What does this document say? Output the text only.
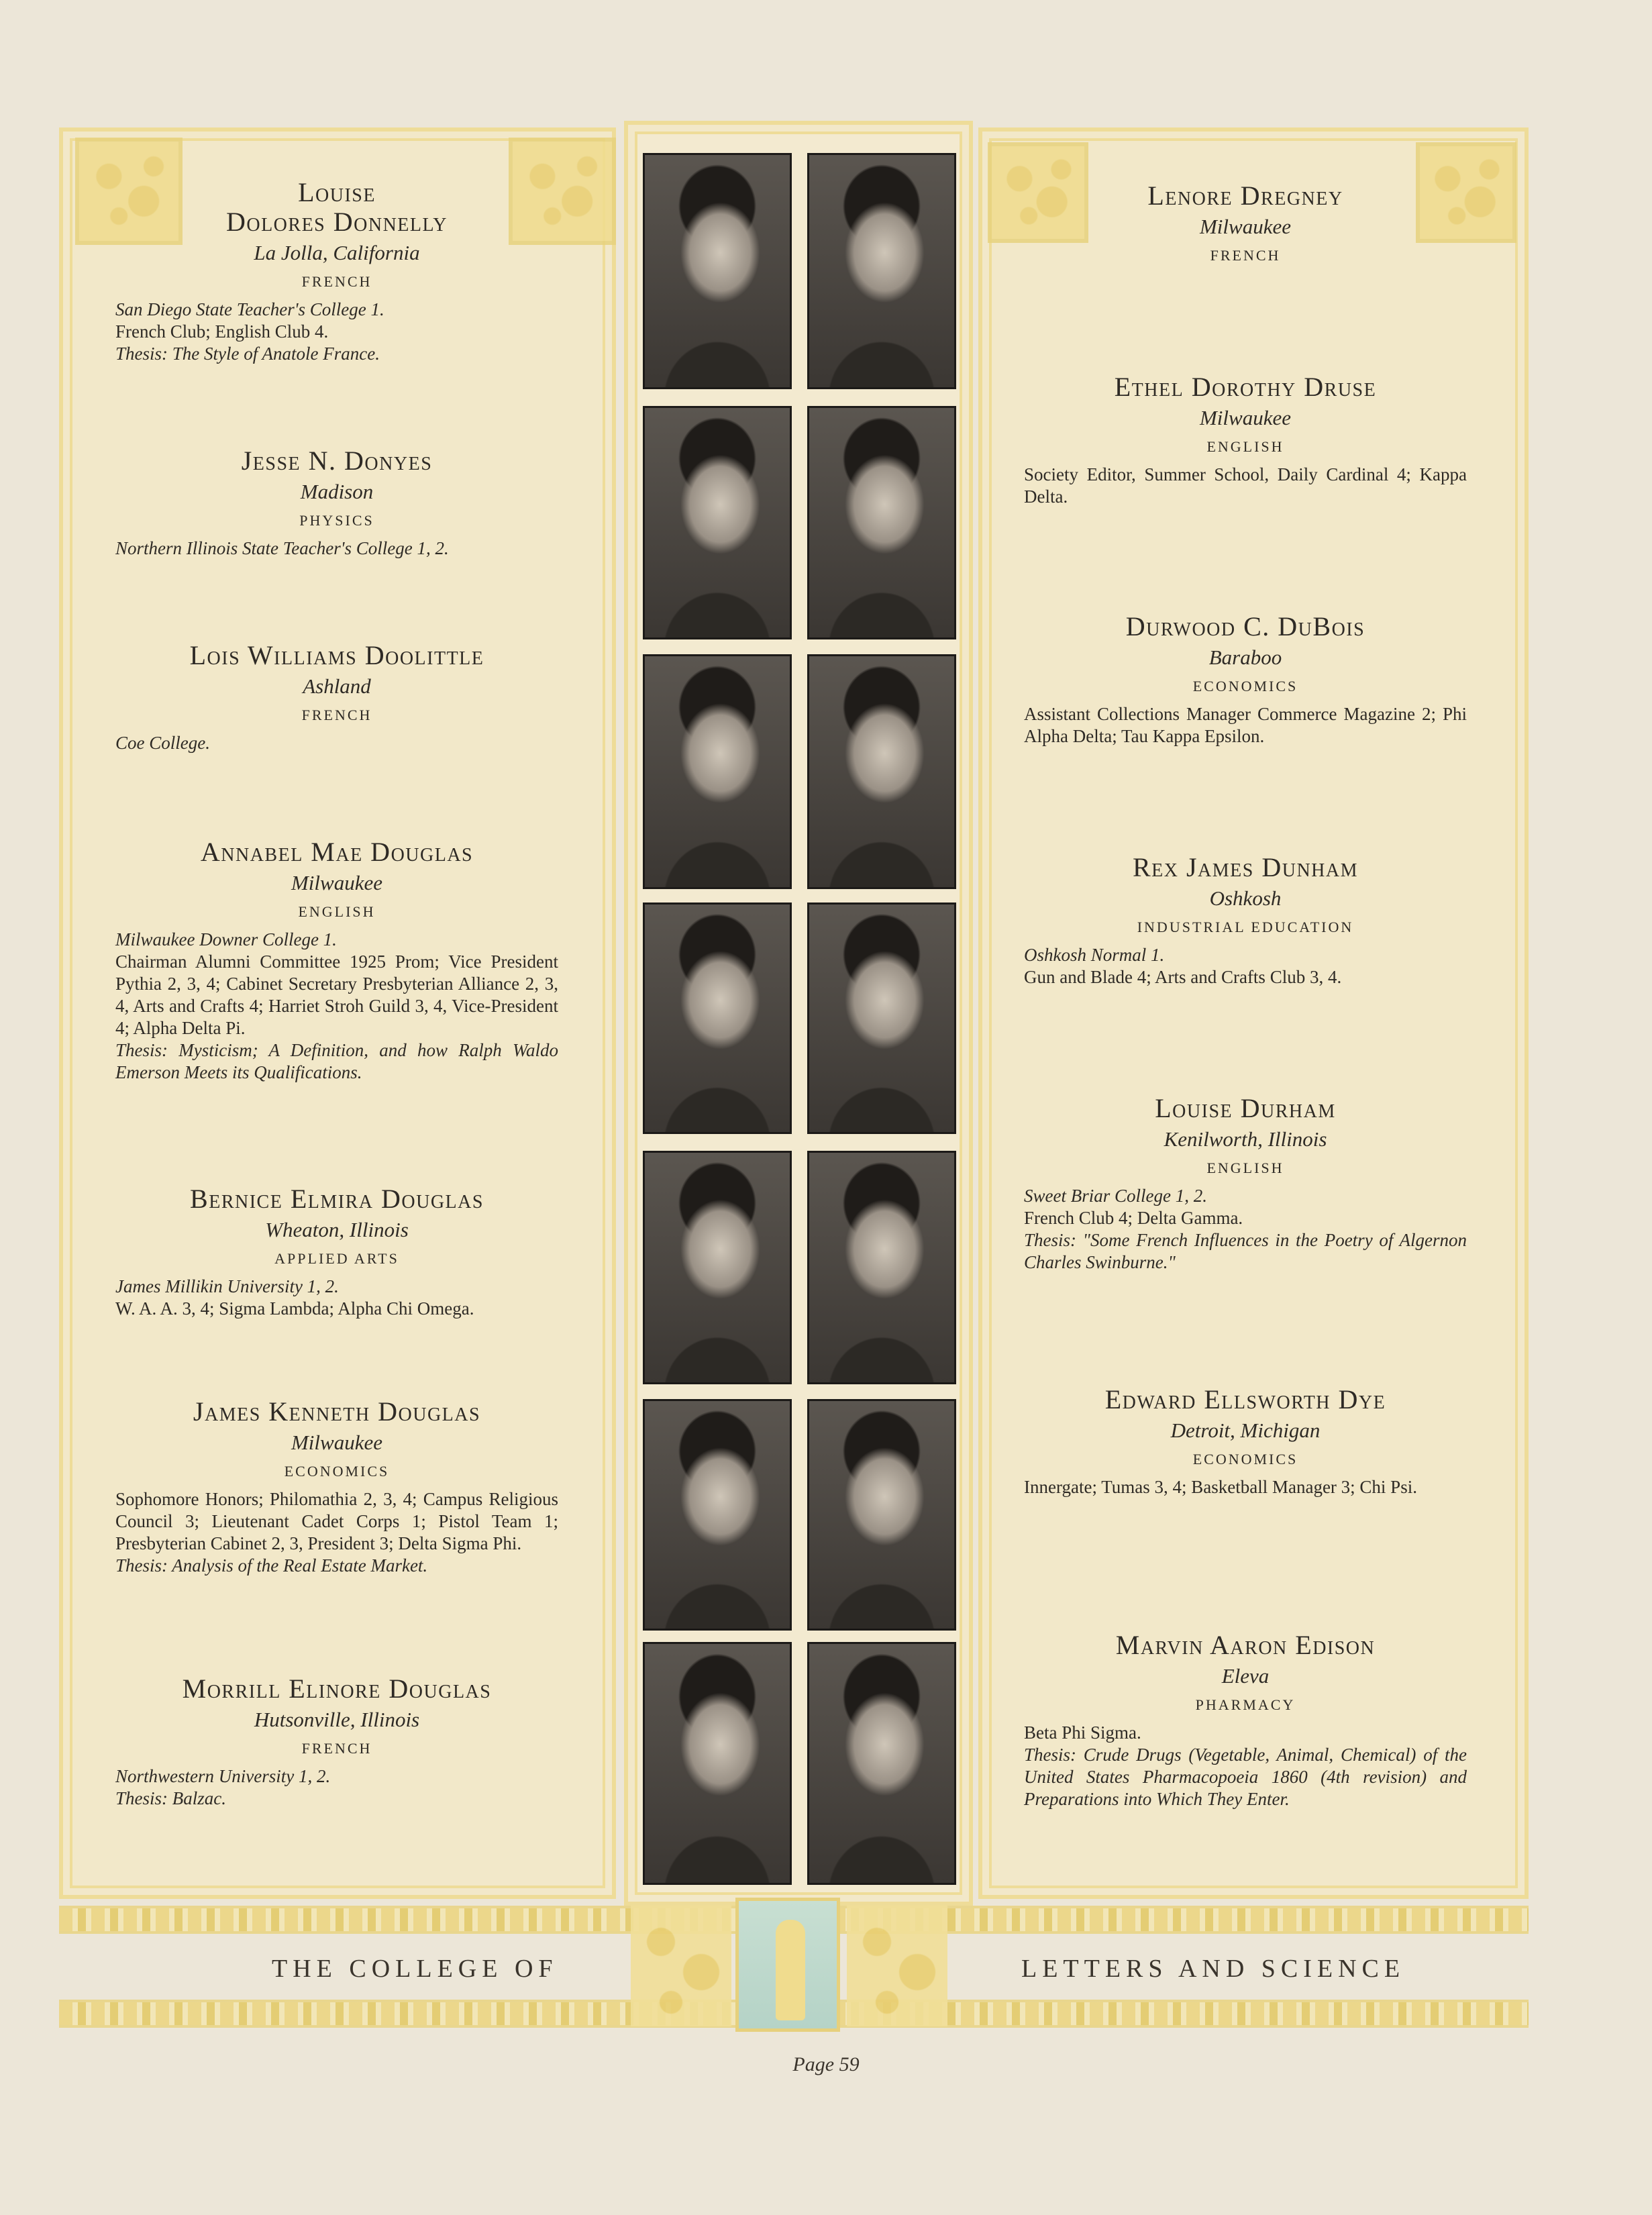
Louise
Dolores Donnelly
La Jolla, California
FRENCH
San Diego State Teacher's College 1.
French Club; English Club 4.
Thesis: The Style of Anatole France.
Jesse N. Donyes
Madison
PHYSICS
Northern Illinois State Teacher's College 1, 2.
Lois Williams Doolittle
Ashland
FRENCH
Coe College.
Annabel Mae Douglas
Milwaukee
ENGLISH
Milwaukee Downer College 1.
Chairman Alumni Committee 1925 Prom; Vice President Pythia 2, 3, 4; Cabinet Secretary Presbyterian Alliance 2, 3, 4, Arts and Crafts 4; Harriet Stroh Guild 3, 4, Vice-President 4; Alpha Delta Pi.
Thesis: Mysticism; A Definition, and how Ralph Waldo Emerson Meets its Qualifications.
Bernice Elmira Douglas
Wheaton, Illinois
APPLIED ARTS
James Millikin University 1, 2.
W. A. A. 3, 4; Sigma Lambda; Alpha Chi Omega.
James Kenneth Douglas
Milwaukee
ECONOMICS
Sophomore Honors; Philomathia 2, 3, 4; Campus Religious Council 3; Lieutenant Cadet Corps 1; Pistol Team 1; Presbyterian Cabinet 2, 3, President 3; Delta Sigma Phi.
Thesis: Analysis of the Real Estate Market.
Morrill Elinore Douglas
Hutsonville, Illinois
FRENCH
Northwestern University 1, 2.
Thesis: Balzac.
Lenore Dregney
Milwaukee
FRENCH
Ethel Dorothy Druse
Milwaukee
ENGLISH
Society Editor, Summer School, Daily Cardinal 4; Kappa Delta.
Durwood C. DuBois
Baraboo
ECONOMICS
Assistant Collections Manager Commerce Magazine 2; Phi Alpha Delta; Tau Kappa Epsilon.
Rex James Dunham
Oshkosh
INDUSTRIAL EDUCATION
Oshkosh Normal 1.
Gun and Blade 4; Arts and Crafts Club 3, 4.
Louise Durham
Kenilworth, Illinois
ENGLISH
Sweet Briar College 1, 2.
French Club 4; Delta Gamma.
Thesis: "Some French Influences in the Poetry of Algernon Charles Swinburne."
Edward Ellsworth Dye
Detroit, Michigan
ECONOMICS
Innergate; Tumas 3, 4; Basketball Manager 3; Chi Psi.
Marvin Aaron Edison
Eleva
PHARMACY
Beta Phi Sigma.
Thesis: Crude Drugs (Vegetable, Animal, Chemical) of the United States Pharmacopoeia 1860 (4th revision) and Preparations into Which They Enter.
THE COLLEGE OF	LETTERS AND SCIENCE
Page 59
